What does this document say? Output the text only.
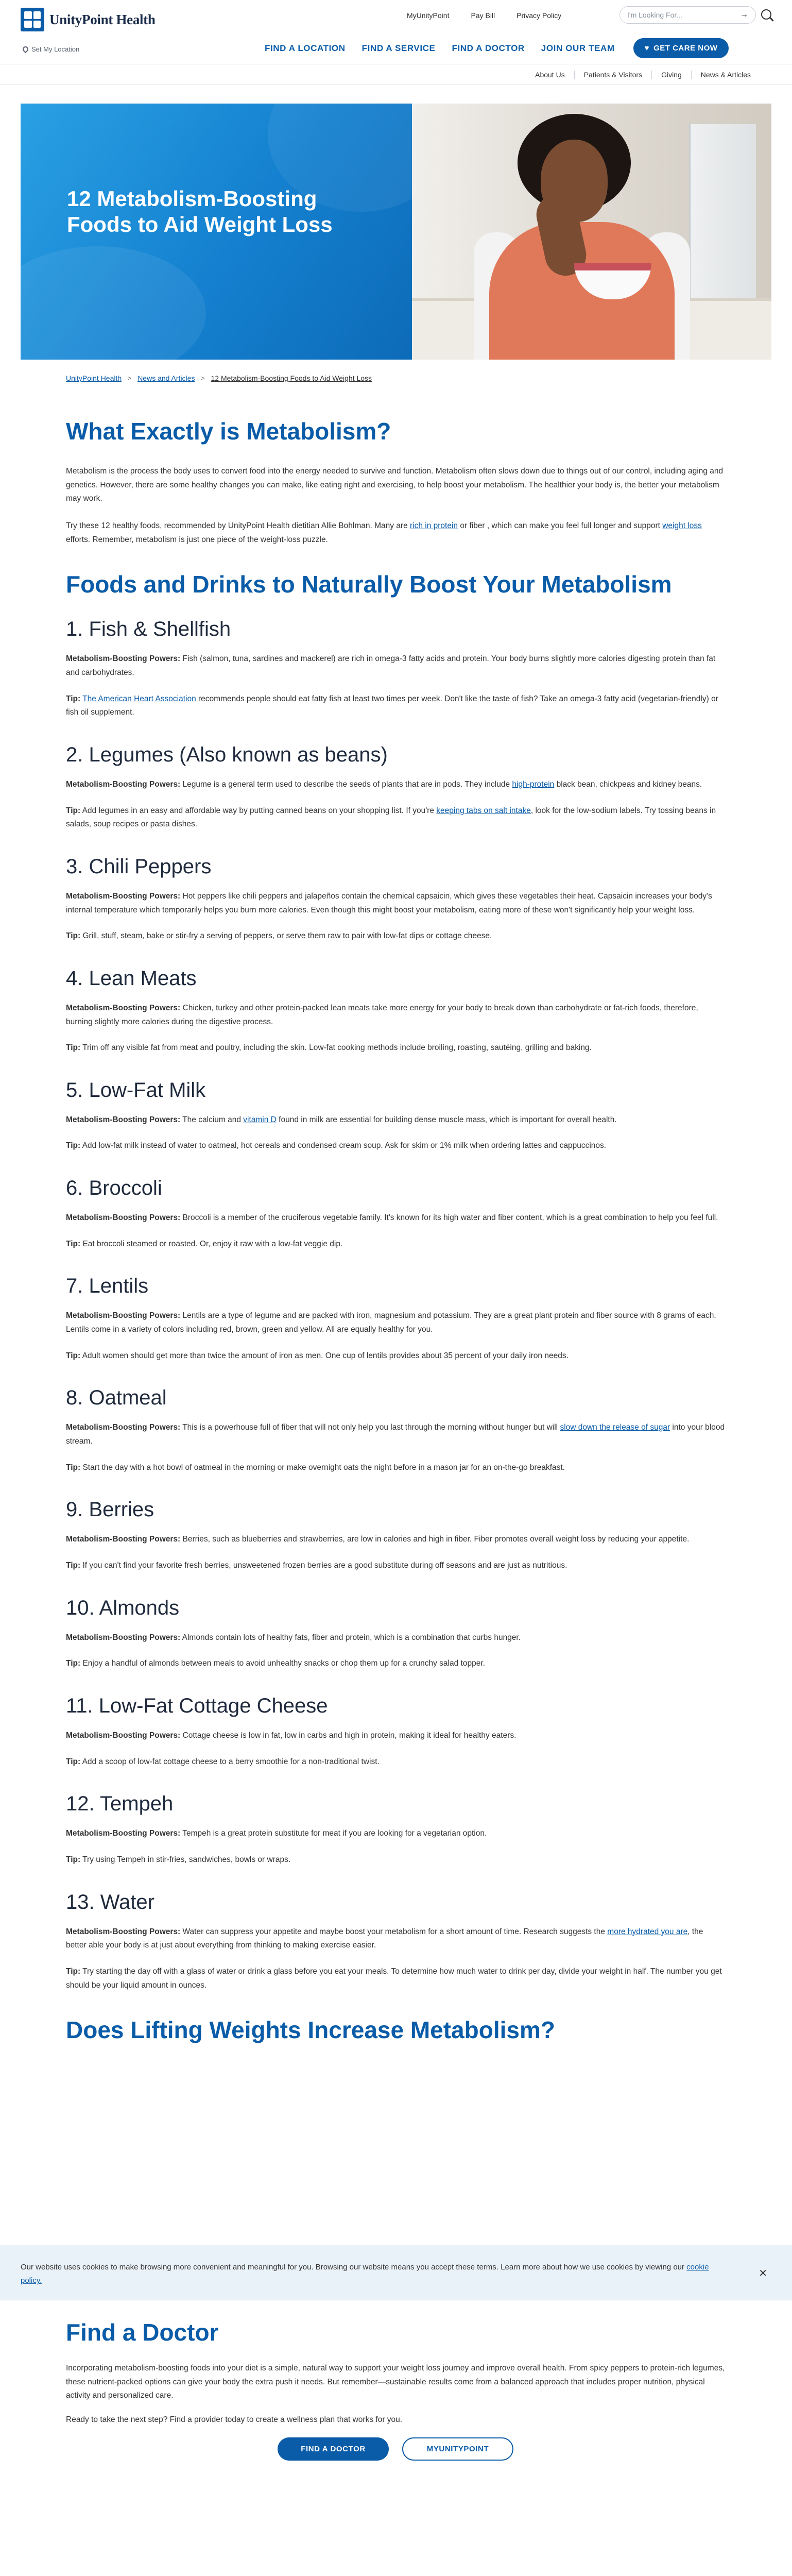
UnityPoint Health
Set My Location
MyUnityPoint	Pay Bill	Privacy Policy	I'm Looking For...	→
FIND A LOCATION FIND A SERVICE FIND A DOCTOR JOIN OUR TEAM	♥ GET CARE NOW
About Us	Patients & Visitors	Giving	News & Articles
12 Metabolism-Boosting Foods to Aid Weight Loss
UnityPoint Health > News and Articles > 12 Metabolism-Boosting Foods to Aid Weight Loss
What Exactly is Metabolism?

Metabolism is the process the body uses to convert food into the energy needed to survive and function. Metabolism often slows down due to things out of our control, including aging and genetics. However, there are some healthy changes you can make, like eating right and exercising, to help boost your metabolism. The healthier your body is, the better your metabolism may work.

Try these 12 healthy foods, recommended by UnityPoint Health dietitian Allie Bohlman. Many are rich in protein or fiber , which can make you feel full longer and support weight loss efforts. Remember, metabolism is just one piece of the weight-loss puzzle.

Foods and Drinks to Naturally Boost Your Metabolism
1. Fish & Shellfish

Metabolism-Boosting Powers: Fish (salmon, tuna, sardines and mackerel) are rich in omega-3 fatty acids and protein. Your body burns slightly more calories digesting protein than fat and carbohydrates.

Tip: The American Heart Association recommends people should eat fatty fish at least two times per week. Don't like the taste of fish? Take an omega-3 fatty acid (vegetarian-friendly) or fish oil supplement.

2. Legumes (Also known as beans)

Metabolism-Boosting Powers: Legume is a general term used to describe the seeds of plants that are in pods. They include high-protein black bean, chickpeas and kidney beans.

Tip: Add legumes in an easy and affordable way by putting canned beans on your shopping list. If you're keeping tabs on salt intake, look for the low-sodium labels. Try tossing beans in salads, soup recipes or pasta dishes.

3. Chili Peppers

Metabolism-Boosting Powers: Hot peppers like chili peppers and jalapeños contain the chemical capsaicin, which gives these vegetables their heat. Capsaicin increases your body's internal temperature which temporarily helps you burn more calories. Even though this might boost your metabolism, eating more of these won't significantly help your weight loss.

Tip: Grill, stuff, steam, bake or stir-fry a serving of peppers, or serve them raw to pair with low-fat dips or cottage cheese.

4. Lean Meats

Metabolism-Boosting Powers: Chicken, turkey and other protein-packed lean meats take more energy for your body to break down than carbohydrate or fat-rich foods, therefore, burning slightly more calories during the digestive process.

Tip: Trim off any visible fat from meat and poultry, including the skin. Low-fat cooking methods include broiling, roasting, sautéing, grilling and baking.

5. Low-Fat Milk

Metabolism-Boosting Powers: The calcium and vitamin D found in milk are essential for building dense muscle mass, which is important for overall health.

Tip: Add low-fat milk instead of water to oatmeal, hot cereals and condensed cream soup. Ask for skim or 1% milk when ordering lattes and cappuccinos.

6. Broccoli

Metabolism-Boosting Powers: Broccoli is a member of the cruciferous vegetable family. It's known for its high water and fiber content, which is a great combination to help you feel full.

Tip: Eat broccoli steamed or roasted. Or, enjoy it raw with a low-fat veggie dip.

7. Lentils

Metabolism-Boosting Powers: Lentils are a type of legume and are packed with iron, magnesium and potassium. They are a great plant protein and fiber source with 8 grams of each. Lentils come in a variety of colors including red, brown, green and yellow. All are equally healthy for you.

Tip: Adult women should get more than twice the amount of iron as men. One cup of lentils provides about 35 percent of your daily iron needs.

8. Oatmeal

Metabolism-Boosting Powers: This is a powerhouse full of fiber that will not only help you last through the morning without hunger but will slow down the release of sugar into your blood stream.

Tip: Start the day with a hot bowl of oatmeal in the morning or make overnight oats the night before in a mason jar for an on-the-go breakfast.

9. Berries

Metabolism-Boosting Powers: Berries, such as blueberries and strawberries, are low in calories and high in fiber. Fiber promotes overall weight loss by reducing your appetite.

Tip: If you can't find your favorite fresh berries, unsweetened frozen berries are a good substitute during off seasons and are just as nutritious.

10. Almonds

Metabolism-Boosting Powers: Almonds contain lots of healthy fats, fiber and protein, which is a combination that curbs hunger.

Tip: Enjoy a handful of almonds between meals to avoid unhealthy snacks or chop them up for a crunchy salad topper.

11. Low-Fat Cottage Cheese

Metabolism-Boosting Powers: Cottage cheese is low in fat, low in carbs and high in protein, making it ideal for healthy eaters.

Tip: Add a scoop of low-fat cottage cheese to a berry smoothie for a non-traditional twist.

12. Tempeh

Metabolism-Boosting Powers: Tempeh is a great protein substitute for meat if you are looking for a vegetarian option.

Tip: Try using Tempeh in stir-fries, sandwiches, bowls or wraps.

13. Water

Metabolism-Boosting Powers: Water can suppress your appetite and maybe boost your metabolism for a short amount of time. Research suggests the more hydrated you are, the better able your body is at just about everything from thinking to making exercise easier.

Tip: Try starting the day off with a glass of water or drink a glass before you eat your meals. To determine how much water to drink per day, divide your weight in half. The number you get should be your liquid amount in ounces.

Does Lifting Weights Increase Metabolism?

Our website uses cookies to make browsing more convenient and meaningful for you. Browsing our website means you accept these terms. Learn more about how we use cookies by viewing our cookie policy.

✕
Find a Doctor

Incorporating metabolism-boosting foods into your diet is a simple, natural way to support your weight loss journey and improve overall health. From spicy peppers to protein-rich legumes, these nutrient-packed options can give your body the extra push it needs. But remember—sustainable results come from a balanced approach that includes proper nutrition, physical activity and personalized care.

Ready to take the next step? Find a provider today to create a wellness plan that works for you.

FIND A DOCTOR	MYUNITYPOINT
